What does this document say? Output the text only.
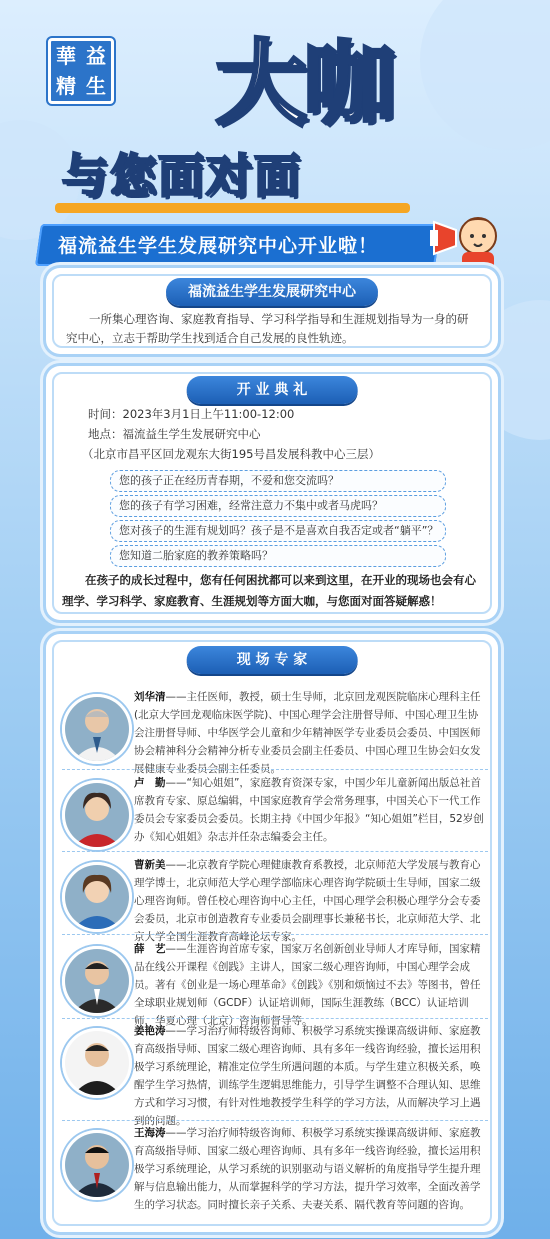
華 益
精 生 大咖
与您面对面
福流益生学生发展研究中心开业啦！
福流益生学生发展研究中心
一所集心理咨询、家庭教育指导、学习科学指导和生涯规划指导为一身的研究中心，立志于帮助学生找到适合自己发展的良性轨迹。
开 业 典 礼
时间：2023年3月1日上午11:00-12:00
地点：福流益生学生发展研究中心
（北京市昌平区回龙观东大街195号昌发展科教中心三层）
您的孩子正在经历青春期，不爱和您交流吗？
您的孩子有学习困难，经常注意力不集中或者马虎吗？
您对孩子的生涯有规划吗？孩子是不是喜欢自我否定或者“躺平”？
您知道二胎家庭的教养策略吗？
在孩子的成长过程中，您有任何困扰都可以来到这里，在开业的现场也会有心理学、学习科学、家庭教育、生涯规划等方面大咖，与您面对面答疑解惑！
现 场 专 家
刘华清——主任医师，教授，硕士生导师，北京回龙观医院临床心理科主任(北京大学回龙观临床医学院)、中国心理学会注册督导师、中国心理卫生协会注册督导师、中华医学会儿童和少年精神医学专业委员会委员、中国医师协会精神科分会精神分析专业委员会副主任委员、中国心理卫生协会妇女发展健康专业委员会副主任委员。
卢　勤——“知心姐姐”，家庭教育资深专家，中国少年儿童新闻出版总社首席教育专家、原总编辑，中国家庭教育学会常务理事，中国关心下一代工作委员会专家委员会委员。长期主持《中国少年报》“知心姐姐”栏目，52岁创办《知心姐姐》杂志并任杂志编委会主任。
曹新美——北京教育学院心理健康教育系教授，北京师范大学发展与教育心理学博士，北京师范大学心理学部临床心理咨询学院硕士生导师，国家二级心理咨询师。曾任校心理咨询中心主任，中国心理学会积极心理学分会专委会委员，北京市创造教育专业委员会副理事长兼秘书长，北京师范大学、北京大学全国生涯教育高峰论坛专家。
薛　艺——生涯咨询首席专家，国家万名创新创业导师人才库导师，国家精品在线公开课程《创践》主讲人，国家二级心理咨询师，中国心理学会成员。著有《创业是一场心理革命》《创践》《别和烦恼过不去》等图书，曾任全球职业规划师（GCDF）认证培训师，国际生涯教练（BCC）认证培训师，华夏心理（北京）咨询师督导等。
姜艳涛——学习治疗师特级咨询师、积极学习系统实操课高级讲师、家庭教育高级指导师、国家二级心理咨询师、具有多年一线咨询经验，擅长运用积极学习系统理论，精准定位学生所遇问题的本质。与学生建立积极关系，唤醒学生学习热情，训练学生逻辑思维能力，引导学生调整不合理认知、思维方式和学习习惯，有针对性地教授学生科学的学习方法，从而解决学习上遇到的问题。
王海涛——学习治疗师特级咨询师、积极学习系统实操课高级讲师、家庭教育高级指导师、国家二级心理咨询师、具有多年一线咨询经验，擅长运用积极学习系统理论，从学习系统的识别驱动与语义解析的角度指导学生提升理解与信息输出能力，从而掌握科学的学习方法，提升学习效率，全面改善学生的学习状态。同时擅长亲子关系、夫妻关系、隔代教育等问题的咨询。
